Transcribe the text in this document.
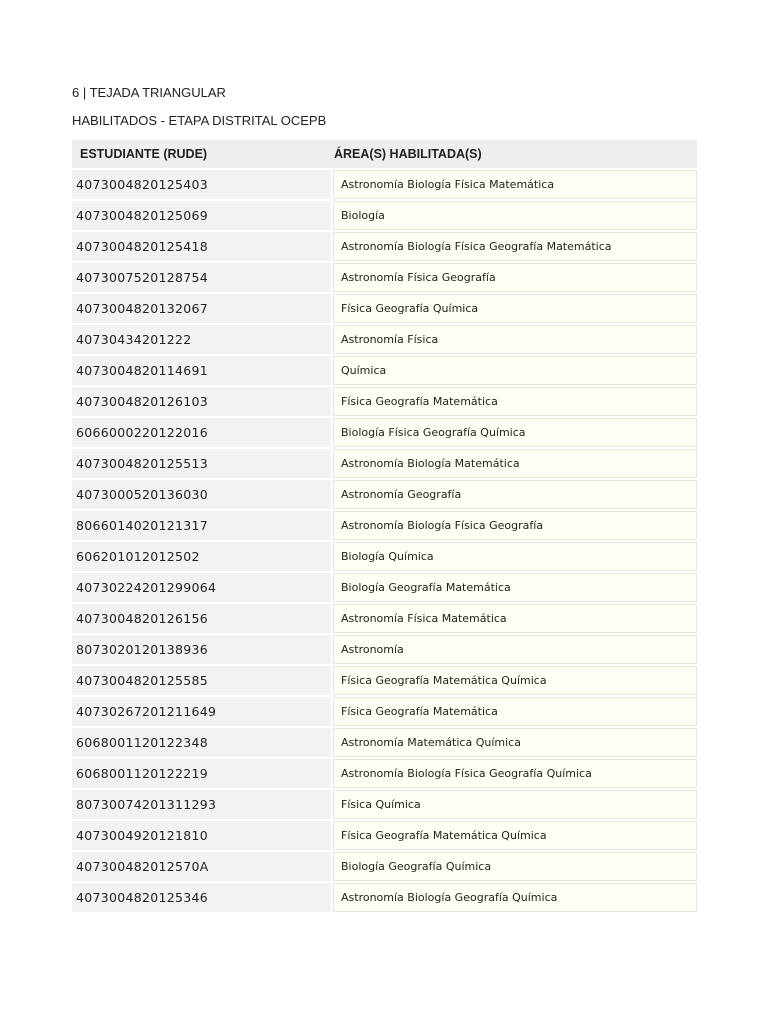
6 | TEJADA TRIANGULAR
HABILITADOS - ETAPA DISTRITAL OCEPB
ESTUDIANTE (RUDE)	ÁREA(S) HABILITADA(S)
4073004820125403	Astronomía Biología Física Matemática
4073004820125069	Biología
4073004820125418	Astronomía Biología Física Geografía Matemática
4073007520128754	Astronomía Física Geografía
4073004820132067	Física Geografía Química
40730434201222	Astronomía Física
4073004820114691	Química
4073004820126103	Física Geografía Matemática
6066000220122016	Biología Física Geografía Química
4073004820125513	Astronomía Biología Matemática
4073000520136030	Astronomía Geografía
8066014020121317	Astronomía Biología Física Geografía
606201012012502	Biología Química
40730224201299064	Biología Geografía Matemática
4073004820126156	Astronomía Física Matemática
8073020120138936	Astronomía
4073004820125585	Física Geografía Matemática Química
40730267201211649	Física Geografía Matemática
6068001120122348	Astronomía Matemática Química
6068001120122219	Astronomía Biología Física Geografía Química
80730074201311293	Física Química
4073004920121810	Física Geografía Matemática Química
407300482012570A	Biología Geografía Química
4073004820125346	Astronomía Biología Geografía Química
